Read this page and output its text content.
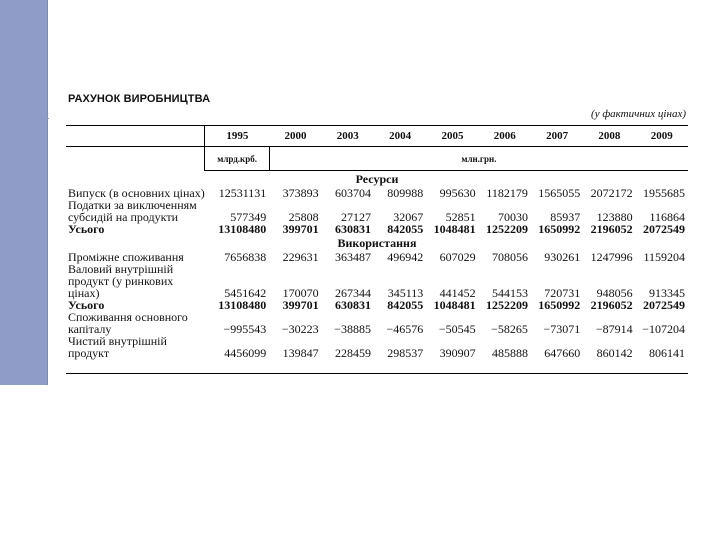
РАХУНОК ВИРОБНИЦТВА
(у фактичних цінах)
	1995	2000	2003	2004	2005	2006	2007	2008	2009
	млрд.крб.	млн.грн.							
Ресурси									
Випуск (в основних цінах)	12531131	373893	603704	809988	995630	1182179	1565055	2072172	1955685
Податки за виключенням субсидій на продукти	577349	25808	27127	32067	52851	70030	85937	123880	116864
Усього	13108480	399701	630831	842055	1048481	1252209	1650992	2196052	2072549
Використання									
Проміжне споживання	7656838	229631	363487	496942	607029	708056	930261	1247996	1159204
Валовий внутрішній продукт (у ринкових цінах)	5451642	170070	267344	345113	441452	544153	720731	948056	913345
Усього	13108480	399701	630831	842055	1048481	1252209	1650992	2196052	2072549
Споживання основного капіталу	−995543	−30223	−38885	−46576	−50545	−58265	−73071	−87914	−107204
Чистий внутрішній продукт	4456099	139847	228459	298537	390907	485888	647660	860142	806141
